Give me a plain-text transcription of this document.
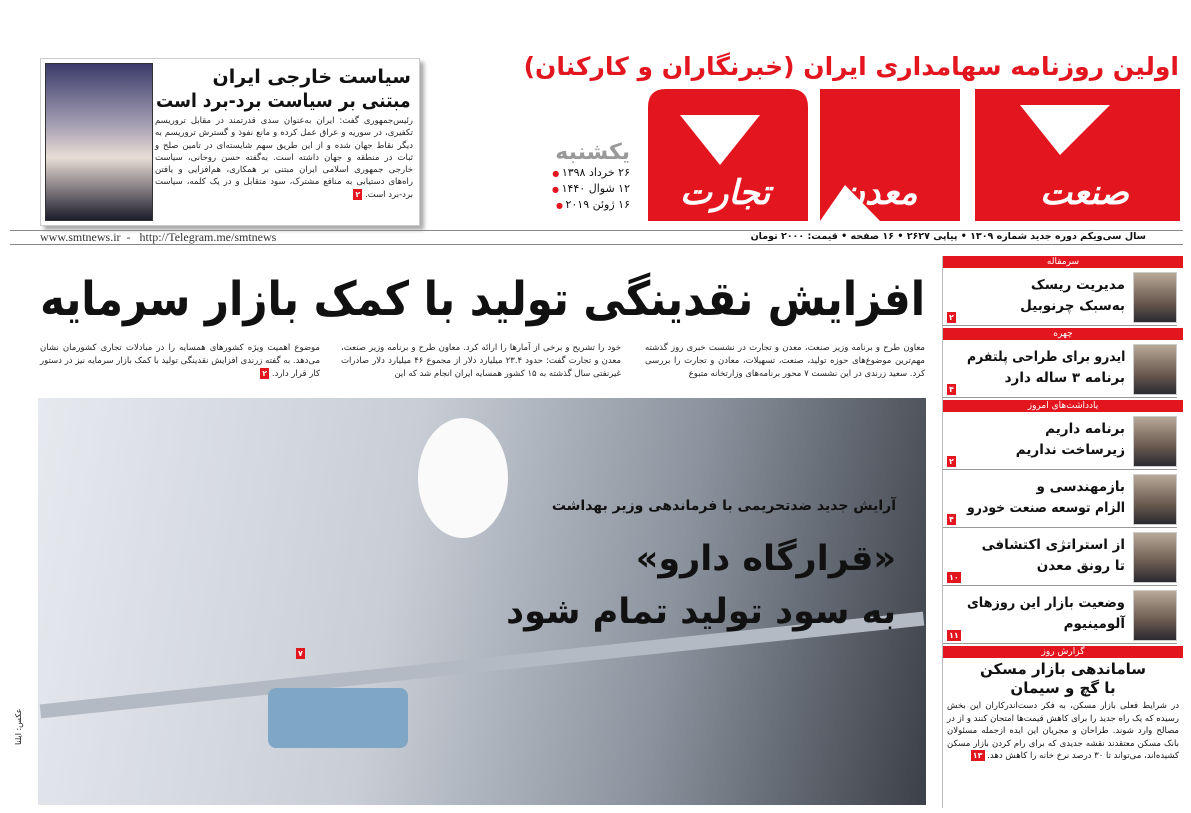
اولین روزنامه سهامداری ایران (خبرنگاران و کارکنان)
تجارت معدن	صنعت
یکشنبه
۲۶ خرداد ۱۳۹۸ ●
۱۲ شوال ۱۴۴۰ ●
۱۶ ژوئن ۲۰۱۹ ●
سیاست خارجی ایران
مبتنی بر سیاست برد-برد است
رئیس‌جمهوری گفت: ایران به‌عنوان سدی قدرتمند در مقابل تروریسم تکفیری، در سوریه و عراق عمل کرده و مانع نفوذ و گسترش تروریسم به دیگر نقاط جهان شده و از این طریق سهم شایسته‌ای در تامین صلح و ثبات در منطقه و جهان داشته است. به‌گفته حسن روحانی، سیاست خارجی جمهوری اسلامی ایران مبتنی بر همکاری، هم‌افزایی و یافتن راه‌های دستیابی به منافع مشترک، سود متقابل و در یک کلمه، سیاست برد-برد است. ۲
www.smtnews.ir  -   http://Telegram.me/smtnews	سال سی‌ویکم دوره جدید شماره ۱۳۰۹ • پیاپی ۲۶۲۷ • ۱۶ صفحه • قیمت: ۲۰۰۰ تومان
افزایش نقدینگی تولید با کمک بازار سرمایه
معاون طرح و برنامه وزیر صنعت، معدن و تجارت در نشست خبری روز گذشته مهم‌ترین موضوع‌های حوزه تولید، صنعت، تسهیلات، معادن و تجارت را بررسی کرد. سعید زرندی در این نشست ۷ محور برنامه‌های وزارتخانه متبوع
خود را تشریح و برخی از آمارها را ارائه کرد. معاون طرح و برنامه وزیر صنعت، معدن و تجارت گفت: حدود ۲۳.۴ میلیارد دلار از مجموع ۴۶ میلیارد دلار صادرات غیرنفتی سال گذشته به ۱۵ کشور همسایه ایران انجام شد که این
موضوع اهمیت ویژه کشورهای همسایه را در مبادلات تجاری کشورمان نشان می‌دهد. به گفته زرندی افزایش نقدینگی تولید با کمک بازار سرمایه نیز در دستور کار قرار دارد. ۲
آرایش جدید ضدتحریمی با فرماندهی وزیر بهداشت
«قرارگاه دارو»
به سود تولید تمام شود
۷
عکس: ایلنا
سرمقاله
مدیریت ریسک
به‌سبک چرنوبیل
۲
چهره
ایدرو برای طراحی پلتفرم
برنامه ۳ ساله دارد
۴
یادداشت‌های امروز
برنامه داریم
زیرساخت نداریم
۲
بازمهندسی و
الزام توسعه صنعت خودرو
۴
از استراتژی اکتشافی
تا رونق معدن
۱۰
وضعیت بازار این روزهای
آلومینیوم
۱۱
گزارش روز
ساماندهی بازار مسکن
با گچ و سیمان
در شرایط فعلی بازار مسکن، به فکر دست‌اندرکاران این بخش رسیده که یک راه جدید را برای کاهش قیمت‌ها امتحان کنند و از در مصالح وارد شوند. طراحان و مجریان این ایده ازجمله مسئولان بانک مسکن معتقدند نقشه جدیدی که برای رام کردن بازار مسکن کشیده‌اند، می‌تواند تا ۳۰ درصد نرخ خانه را کاهش دهد. ۱۳
